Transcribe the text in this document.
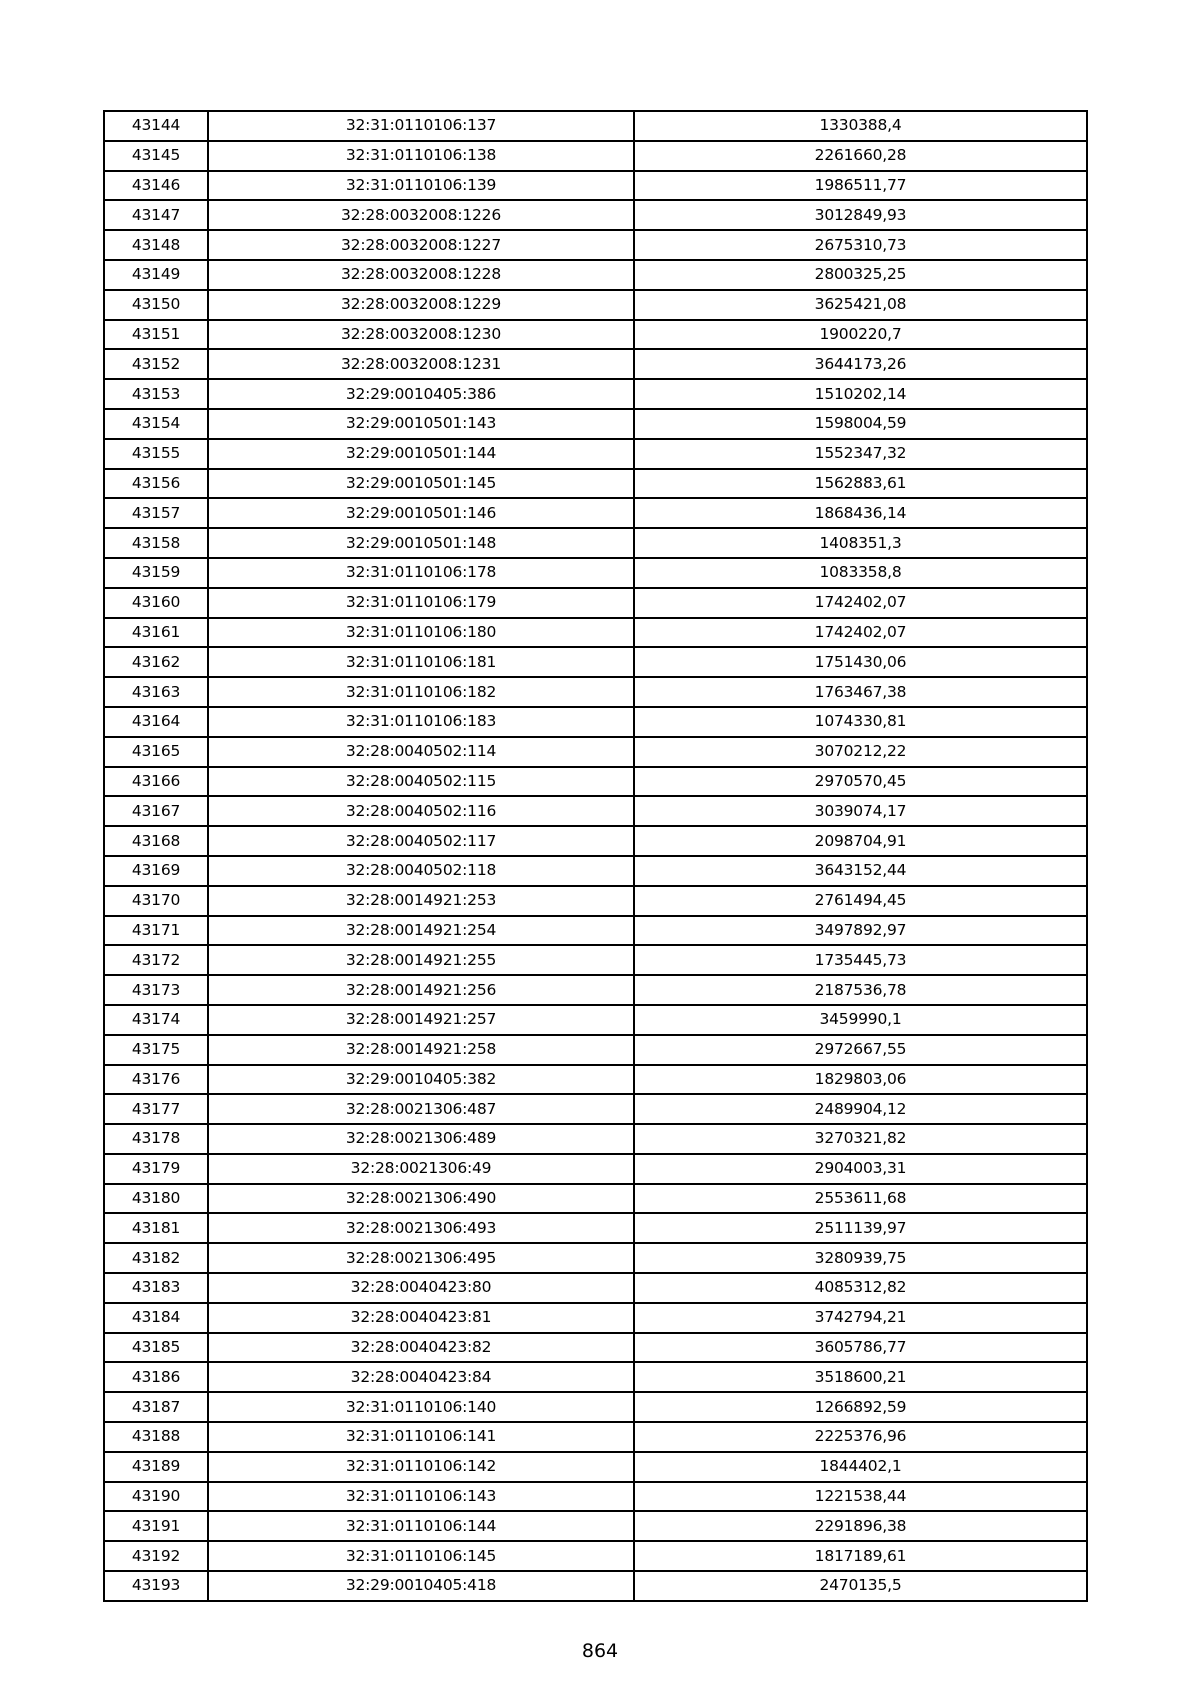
43144	32:31:0110106:137	1330388,4
43145	32:31:0110106:138	2261660,28
43146	32:31:0110106:139	1986511,77
43147	32:28:0032008:1226	3012849,93
43148	32:28:0032008:1227	2675310,73
43149	32:28:0032008:1228	2800325,25
43150	32:28:0032008:1229	3625421,08
43151	32:28:0032008:1230	1900220,7
43152	32:28:0032008:1231	3644173,26
43153	32:29:0010405:386	1510202,14
43154	32:29:0010501:143	1598004,59
43155	32:29:0010501:144	1552347,32
43156	32:29:0010501:145	1562883,61
43157	32:29:0010501:146	1868436,14
43158	32:29:0010501:148	1408351,3
43159	32:31:0110106:178	1083358,8
43160	32:31:0110106:179	1742402,07
43161	32:31:0110106:180	1742402,07
43162	32:31:0110106:181	1751430,06
43163	32:31:0110106:182	1763467,38
43164	32:31:0110106:183	1074330,81
43165	32:28:0040502:114	3070212,22
43166	32:28:0040502:115	2970570,45
43167	32:28:0040502:116	3039074,17
43168	32:28:0040502:117	2098704,91
43169	32:28:0040502:118	3643152,44
43170	32:28:0014921:253	2761494,45
43171	32:28:0014921:254	3497892,97
43172	32:28:0014921:255	1735445,73
43173	32:28:0014921:256	2187536,78
43174	32:28:0014921:257	3459990,1
43175	32:28:0014921:258	2972667,55
43176	32:29:0010405:382	1829803,06
43177	32:28:0021306:487	2489904,12
43178	32:28:0021306:489	3270321,82
43179	32:28:0021306:49	2904003,31
43180	32:28:0021306:490	2553611,68
43181	32:28:0021306:493	2511139,97
43182	32:28:0021306:495	3280939,75
43183	32:28:0040423:80	4085312,82
43184	32:28:0040423:81	3742794,21
43185	32:28:0040423:82	3605786,77
43186	32:28:0040423:84	3518600,21
43187	32:31:0110106:140	1266892,59
43188	32:31:0110106:141	2225376,96
43189	32:31:0110106:142	1844402,1
43190	32:31:0110106:143	1221538,44
43191	32:31:0110106:144	2291896,38
43192	32:31:0110106:145	1817189,61
43193	32:29:0010405:418	2470135,5
864
